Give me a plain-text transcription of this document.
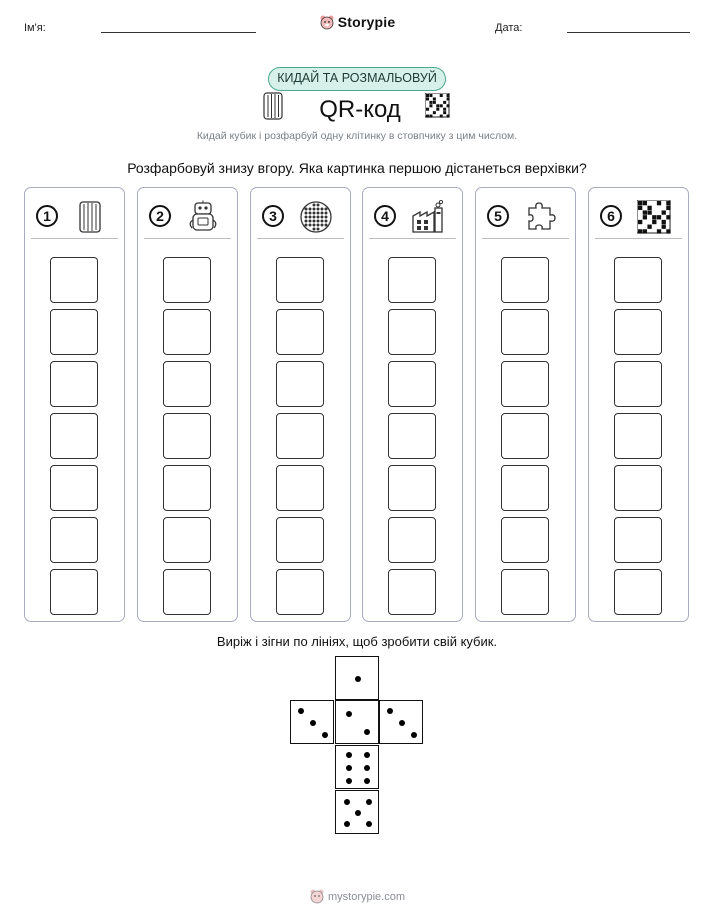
Ім'я:	Storypie	Дата:
КИДАЙ ТА РОЗМАЛЬОВУЙ
QR-код
Кидай кубик і розфарбуй одну клітинку в стовпчику з цим числом.
Розфарбовуй знизу вгору. Яка картинка першою дістанеться верхівки?
1	2	3	4	5	6
Виріж і зігни по лініях, щоб зробити свій кубик.
mystorypie.com
